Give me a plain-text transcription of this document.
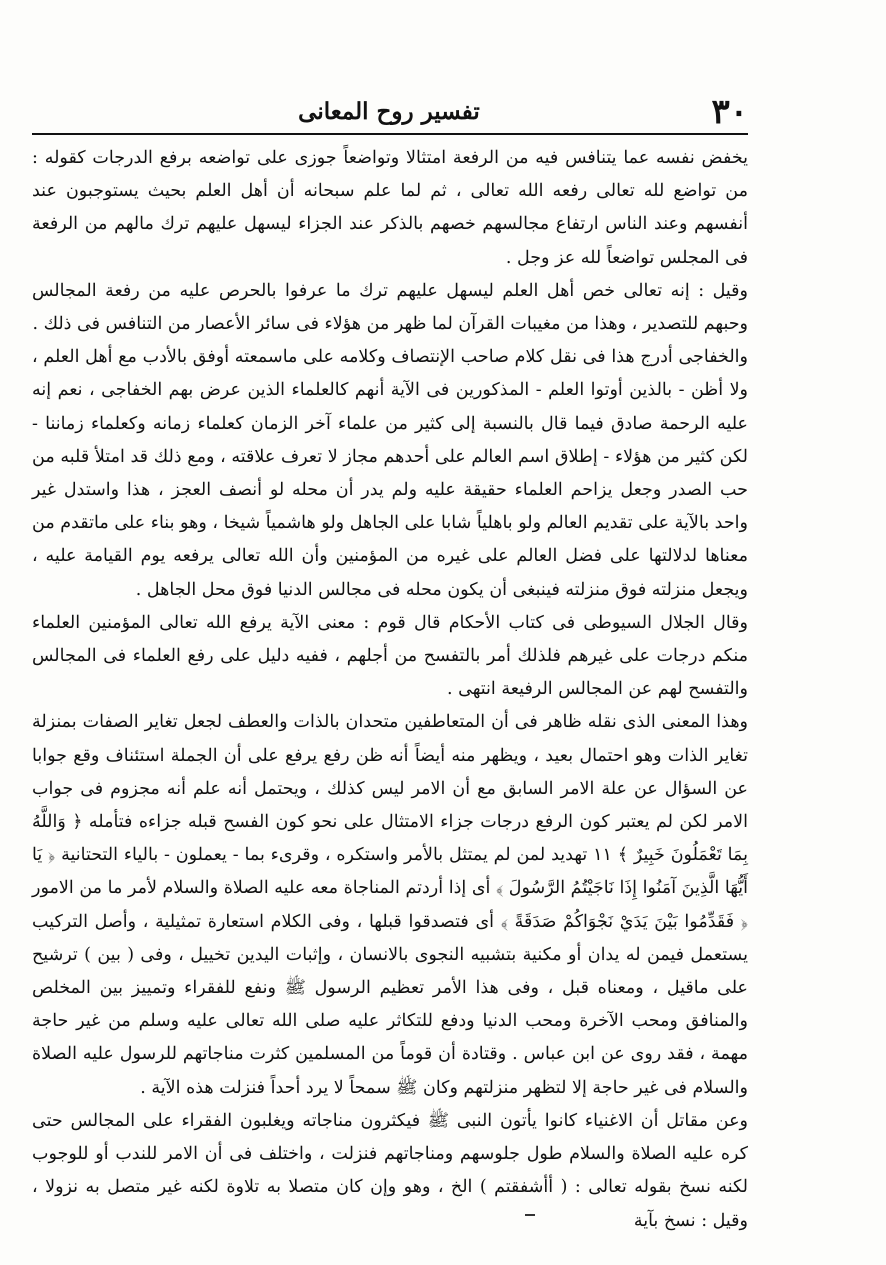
٣٠
تفسير روح المعانى

يخفض نفسه عما يتنافس فيه من الرفعة امتثالا وتواضعاً جوزى على تواضعه برفع الدرجات كقوله : من تواضع لله تعالى رفعه الله تعالى ، ثم لما علم سبحانه أن أهل العلم بحيث يستوجبون عند أنفسهم وعند الناس ارتفاع مجالسهم خصهم بالذكر عند الجزاء ليسهل عليهم ترك مالهم من الرفعة فى المجلس تواضعاً لله عز وجل .

وقيل : إنه تعالى خص أهل العلم ليسهل عليهم ترك ما عرفوا بالحرص عليه من رفعة المجالس وحبهم للتصدير ، وهذا من مغيبات القرآن لما ظهر من هؤلاء فى سائر الأعصار من التنافس فى ذلك .

والخفاجى أدرج هذا فى نقل كلام صاحب الإنتصاف وكلامه على ماسمعته أوفق بالأدب مع أهل العلم ، ولا أظن - بالذين أوتوا العلم - المذكورين فى الآية أنهم كالعلماء الذين عرض بهم الخفاجى ، نعم إنه عليه الرحمة صادق فيما قال بالنسبة إلى كثير من علماء آخر الزمان كعلماء زمانه وكعلماء زماننا - لكن كثير من هؤلاء - إطلاق اسم العالم على أحدهم مجاز لا تعرف علاقته ، ومع ذلك قد امتلأ قلبه من حب الصدر وجعل يزاحم العلماء حقيقة عليه ولم يدر أن محله لو أنصف العجز ، هذا واستدل غير واحد بالآية على تقديم العالم ولو باهلياً شابا على الجاهل ولو هاشمياً شيخا ، وهو بناء على ماتقدم من معناها لدلالتها على فضل العالم على غيره من المؤمنين وأن الله تعالى يرفعه يوم القيامة عليه ، ويجعل منزلته فوق منزلته فينبغى أن يكون محله فى مجالس الدنيا فوق محل الجاهل .

وقال الجلال السيوطى فى كتاب الأحكام قال قوم : معنى الآية يرفع الله تعالى المؤمنين العلماء منكم درجات على غيرهم فلذلك أمر بالتفسح من أجلهم ، ففيه دليل على رفع العلماء فى المجالس والتفسح لهم عن المجالس الرفيعة انتهى .

وهذا المعنى الذى نقله ظاهر فى أن المتعاطفين متحدان بالذات والعطف لجعل تغاير الصفات بمنزلة تغاير الذات وهو احتمال بعيد ، ويظهر منه أيضاً أنه ظن رفع يرفع على أن الجملة استئناف وقع جوابا عن السؤال عن علة الامر السابق مع أن الامر ليس كذلك ، ويحتمل أنه علم أنه مجزوم فى جواب الامر لكن لم يعتبر كون الرفع درجات جزاء الامتثال على نحو كون الفسح قبله جزاءه فتأمله ﴿ وَاللَّهُ بِمَا تَعْمَلُونَ خَبِيرٌ ﴾ ١١ تهديد لمن لم يمتثل بالأمر واستكره ، وقرىء بما - يعملون - بالياء التحتانية ﴿ يَا أَيُّهَا الَّذِينَ آمَنُوا إِذَا نَاجَيْتُمُ الرَّسُولَ ﴾ أى إذا أردتم المناجاة معه عليه الصلاة والسلام لأمر ما من الامور ﴿ فَقَدِّمُوا بَيْنَ يَدَيْ نَجْوَاكُمْ صَدَقَةً ﴾ أى فتصدقوا قبلها ، وفى الكلام استعارة تمثيلية ، وأصل التركيب يستعمل فيمن له يدان أو مكنية بتشبيه النجوى بالانسان ، وإثبات اليدين تخييل ، وفى ( بين ) ترشيح على ماقيل ، ومعناه قبل ، وفى هذا الأمر تعظيم الرسول ﷺ ونفع للفقراء وتمييز بين المخلص والمنافق ومحب الآخرة ومحب الدنيا ودفع للتكاثر عليه صلى الله تعالى عليه وسلم من غير حاجة مهمة ، فقد روى عن ابن عباس . وقتادة أن قوماً من المسلمين كثرت مناجاتهم للرسول عليه الصلاة والسلام فى غير حاجة إلا لتظهر منزلتهم وكان ﷺ سمحاً لا يرد أحداً فنزلت هذه الآية .

وعن مقاتل أن الاغنياء كانوا يأتون النبى ﷺ فيكثرون مناجاته ويغلبون الفقراء على المجالس حتى كره عليه الصلاة والسلام طول جلوسهم ومناجاتهم فنزلت ، واختلف فى أن الامر للندب أو للوجوب لكنه نسخ بقوله تعالى : ( أأشفقتم ) الخ ، وهو وإن كان متصلا به تلاوة لكنه غير متصل به نزولا ، وقيل : نسخ بآية
